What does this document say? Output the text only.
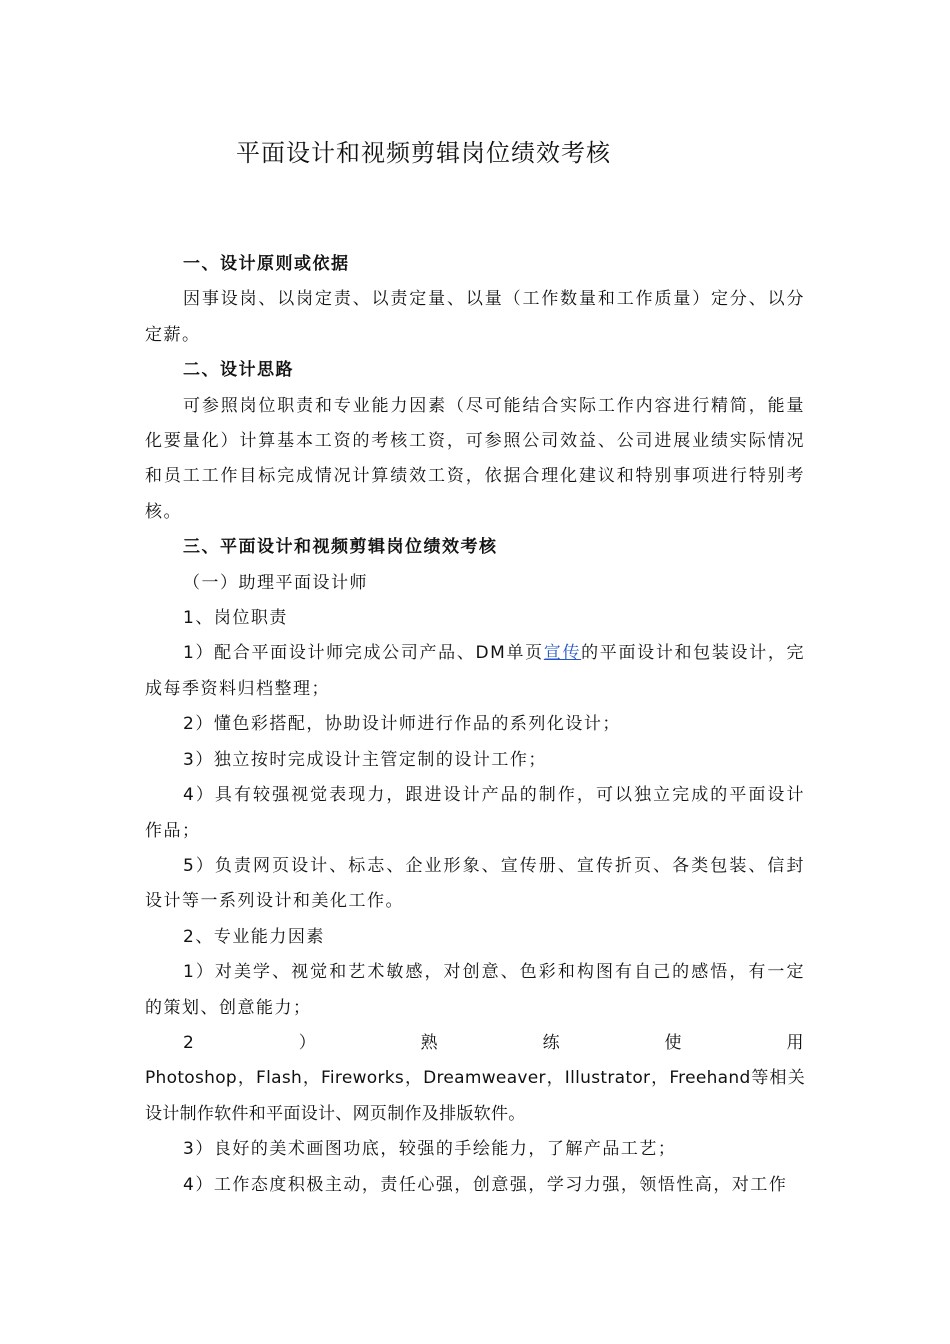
平面设计和视频剪辑岗位绩效考核

一、设计原则或依据

因事设岗、以岗定责、以责定量、以量（工作数量和工作质量）定分、以分定薪。

二、设计思路

可参照岗位职责和专业能力因素（尽可能结合实际工作内容进行精简，能量化要量化）计算基本工资的考核工资，可参照公司效益、公司进展业绩实际情况和员工工作目标完成情况计算绩效工资，依据合理化建议和特别事项进行特别考核。

三、平面设计和视频剪辑岗位绩效考核

（一）助理平面设计师

1、岗位职责

1）配合平面设计师完成公司产品、DM单页宣传的平面设计和包装设计，完成每季资料归档整理；

2）懂色彩搭配，协助设计师进行作品的系列化设计；

3）独立按时完成设计主管定制的设计工作；

4）具有较强视觉表现力，跟进设计产品的制作，可以独立完成的平面设计作品；

5）负责网页设计、标志、企业形象、宣传册、宣传折页、各类包装、信封设计等一系列设计和美化工作。

2、专业能力因素

1）对美学、视觉和艺术敏感，对创意、色彩和构图有自己的感悟，有一定的策划、创意能力；

2	）	熟	练	使	用

Photoshop，Flash，Fireworks，Dreamweaver，Illustrator，Freehand等相关设计制作软件和平面设计、网页制作及排版软件。

3）良好的美术画图功底，较强的手绘能力，了解产品工艺；

4）工作态度积极主动，责任心强，创意强，学习力强，领悟性高，对工作
